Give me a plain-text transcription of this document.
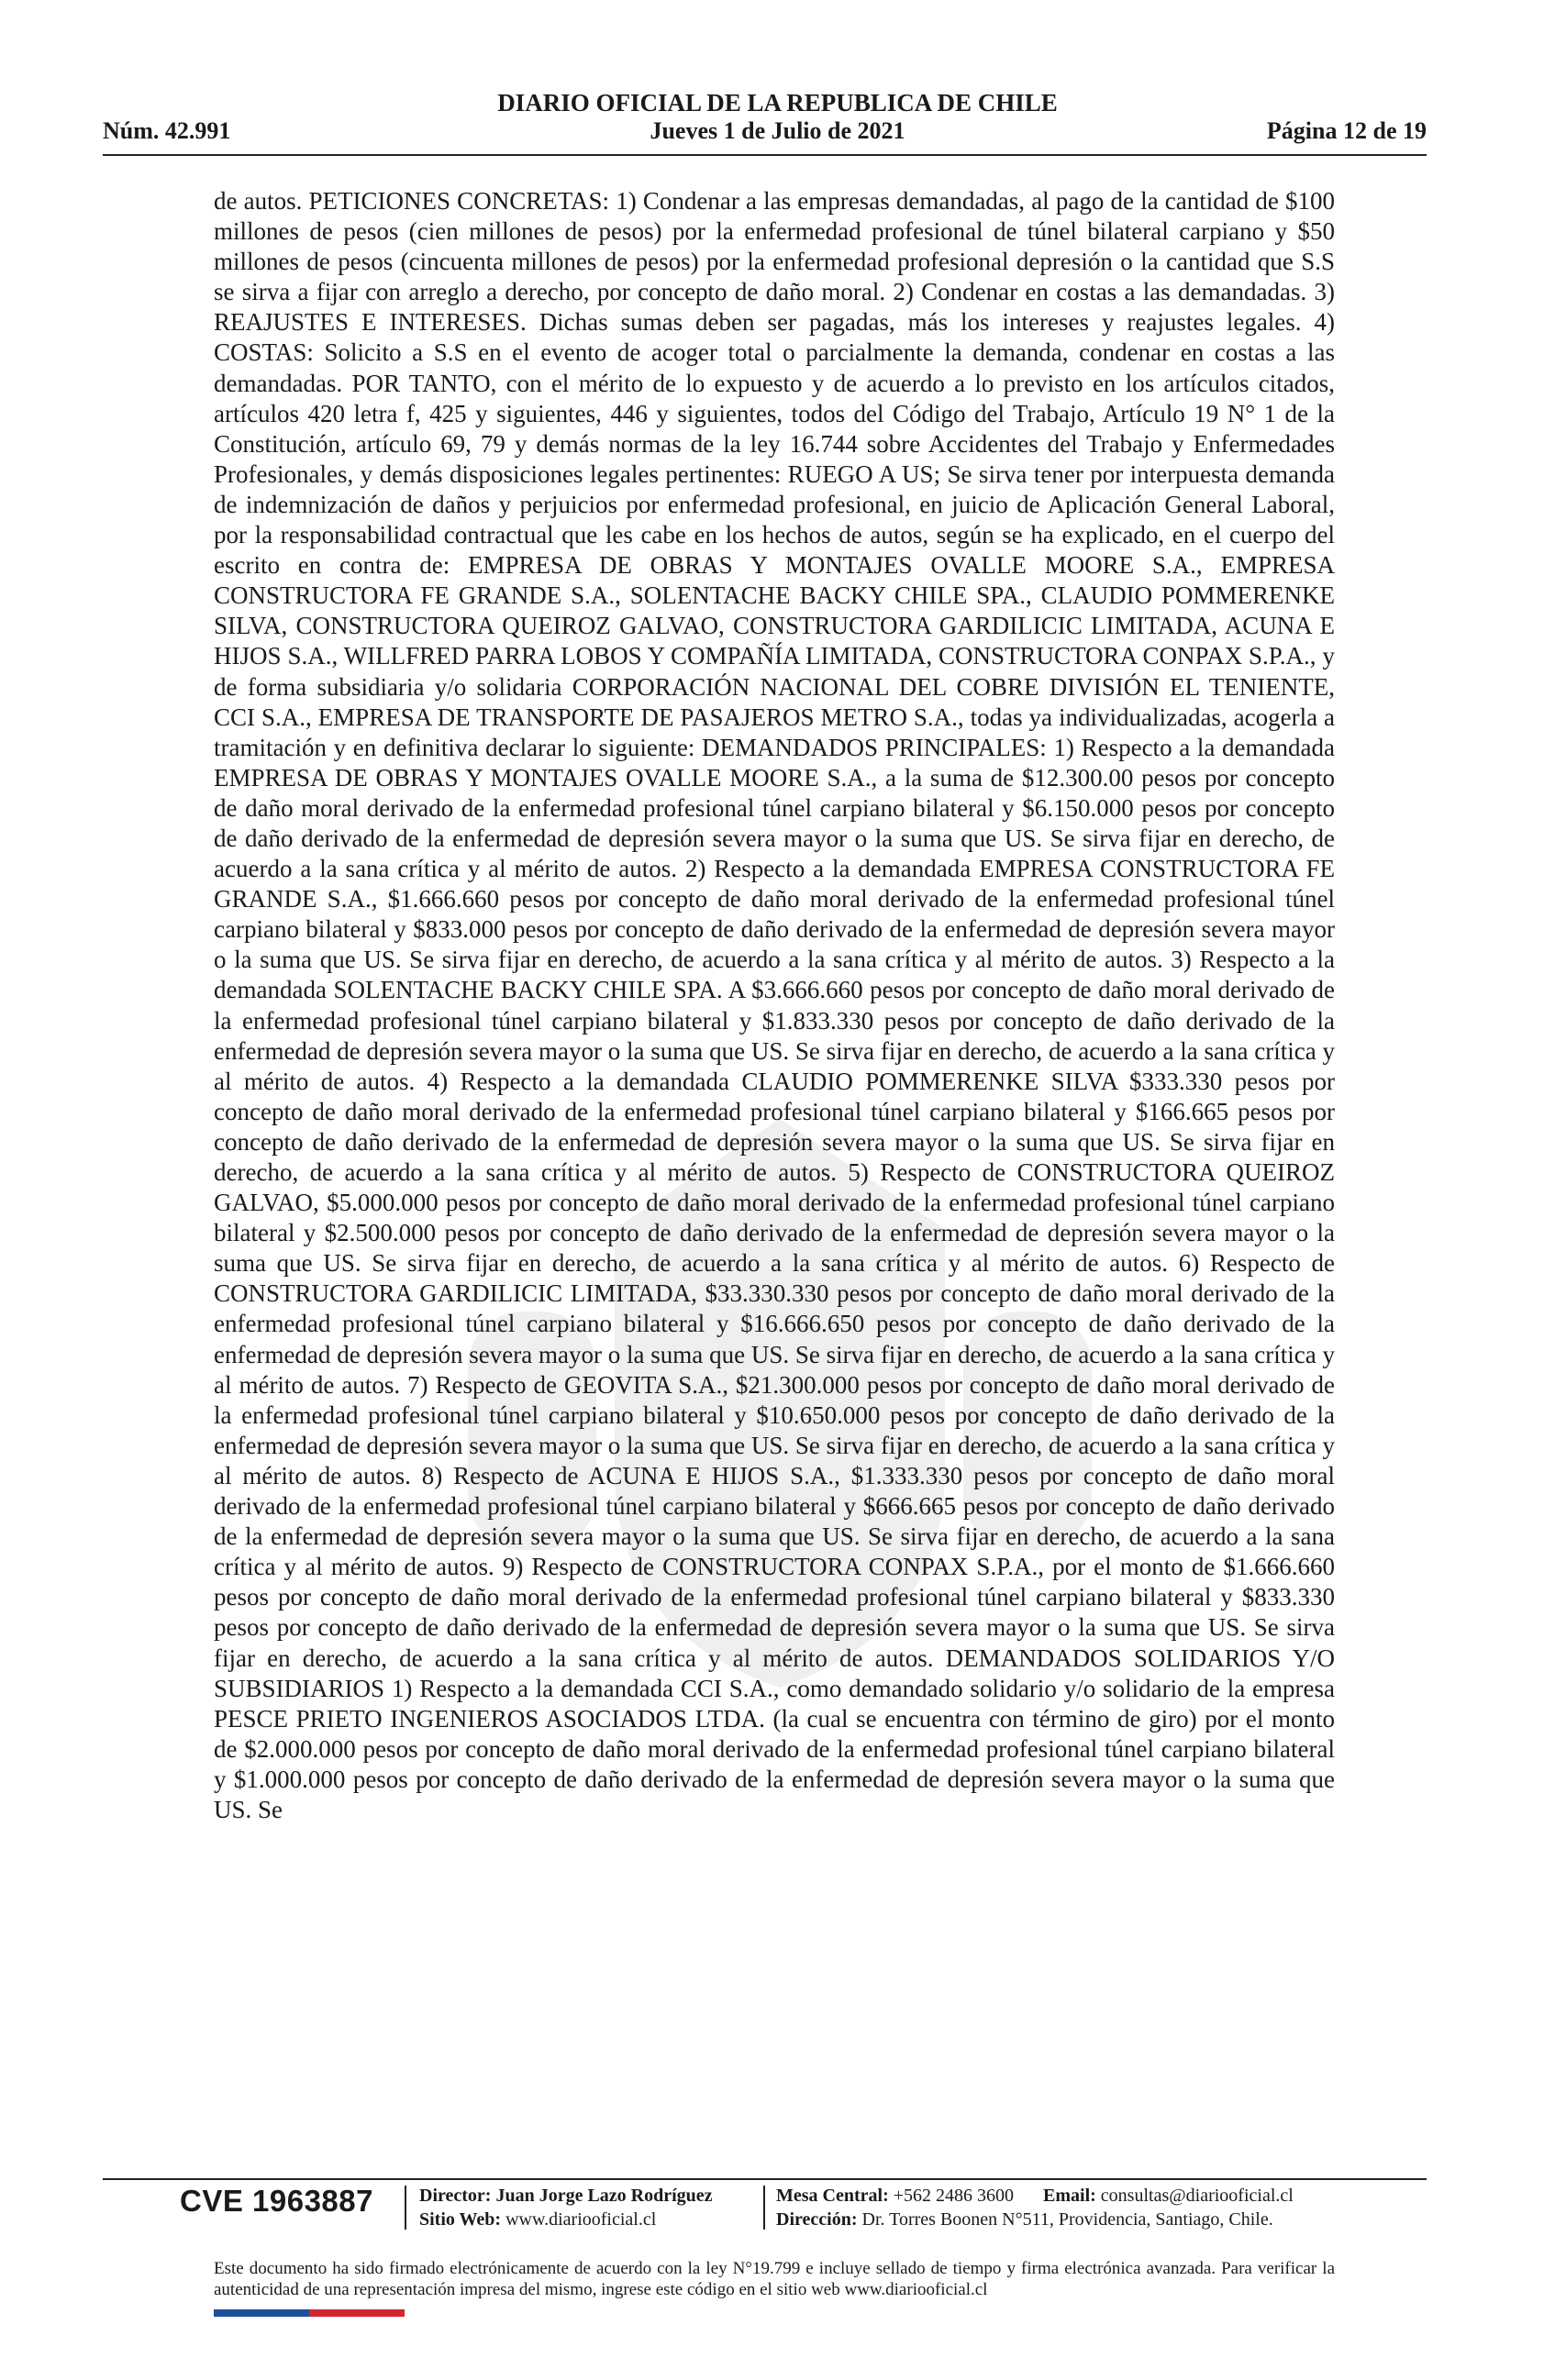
DIARIO OFICIAL DE LA REPUBLICA DE CHILE
Núm. 42.991	Jueves 1 de Julio de 2021	Página 12 de 19
de autos. PETICIONES CONCRETAS: 1) Condenar a las empresas demandadas, al pago de la cantidad de $100 millones de pesos (cien millones de pesos) por la enfermedad profesional de túnel bilateral carpiano y $50 millones de pesos (cincuenta millones de pesos) por la enfermedad profesional depresión o la cantidad que S.S se sirva a fijar con arreglo a derecho, por concepto de daño moral. 2) Condenar en costas a las demandadas. 3) REAJUSTES E INTERESES. Dichas sumas deben ser pagadas, más los intereses y reajustes legales. 4) COSTAS: Solicito a S.S en el evento de acoger total o parcialmente la demanda, condenar en costas a las demandadas. POR TANTO, con el mérito de lo expuesto y de acuerdo a lo previsto en los artículos citados, artículos 420 letra f, 425 y siguientes, 446 y siguientes, todos del Código del Trabajo, Artículo 19 N° 1 de la Constitución, artículo 69, 79 y demás normas de la ley 16.744 sobre Accidentes del Trabajo y Enfermedades Profesionales, y demás disposiciones legales pertinentes: RUEGO A US; Se sirva tener por interpuesta demanda de indemnización de daños y perjuicios por enfermedad profesional, en juicio de Aplicación General Laboral, por la responsabilidad contractual que les cabe en los hechos de autos, según se ha explicado, en el cuerpo del escrito en contra de: EMPRESA DE OBRAS Y MONTAJES OVALLE MOORE S.A., EMPRESA CONSTRUCTORA FE GRANDE S.A., SOLENTACHE BACKY CHILE SPA., CLAUDIO POMMERENKE SILVA, CONSTRUCTORA QUEIROZ GALVAO, CONSTRUCTORA GARDILICIC LIMITADA, ACUNA E HIJOS S.A., WILLFRED PARRA LOBOS Y COMPAÑÍA LIMITADA, CONSTRUCTORA CONPAX S.P.A., y de forma subsidiaria y/o solidaria CORPORACIÓN NACIONAL DEL COBRE DIVISIÓN EL TENIENTE, CCI S.A., EMPRESA DE TRANSPORTE DE PASAJEROS METRO S.A., todas ya individualizadas, acogerla a tramitación y en definitiva declarar lo siguiente: DEMANDADOS PRINCIPALES: 1) Respecto a la demandada EMPRESA DE OBRAS Y MONTAJES OVALLE MOORE S.A., a la suma de $12.300.00 pesos por concepto de daño moral derivado de la enfermedad profesional túnel carpiano bilateral y $6.150.000 pesos por concepto de daño derivado de la enfermedad de depresión severa mayor o la suma que US. Se sirva fijar en derecho, de acuerdo a la sana crítica y al mérito de autos. 2) Respecto a la demandada EMPRESA CONSTRUCTORA FE GRANDE S.A., $1.666.660 pesos por concepto de daño moral derivado de la enfermedad profesional túnel carpiano bilateral y $833.000 pesos por concepto de daño derivado de la enfermedad de depresión severa mayor o la suma que US. Se sirva fijar en derecho, de acuerdo a la sana crítica y al mérito de autos. 3) Respecto a la demandada SOLENTACHE BACKY CHILE SPA. A $3.666.660 pesos por concepto de daño moral derivado de la enfermedad profesional túnel carpiano bilateral y $1.833.330 pesos por concepto de daño derivado de la enfermedad de depresión severa mayor o la suma que US. Se sirva fijar en derecho, de acuerdo a la sana crítica y al mérito de autos. 4) Respecto a la demandada CLAUDIO POMMERENKE SILVA $333.330 pesos por concepto de daño moral derivado de la enfermedad profesional túnel carpiano bilateral y $166.665 pesos por concepto de daño derivado de la enfermedad de depresión severa mayor o la suma que US. Se sirva fijar en derecho, de acuerdo a la sana crítica y al mérito de autos. 5) Respecto de CONSTRUCTORA QUEIROZ GALVAO, $5.000.000 pesos por concepto de daño moral derivado de la enfermedad profesional túnel carpiano bilateral y $2.500.000 pesos por concepto de daño derivado de la enfermedad de depresión severa mayor o la suma que US. Se sirva fijar en derecho, de acuerdo a la sana crítica y al mérito de autos. 6) Respecto de CONSTRUCTORA GARDILICIC LIMITADA, $33.330.330 pesos por concepto de daño moral derivado de la enfermedad profesional túnel carpiano bilateral y $16.666.650 pesos por concepto de daño derivado de la enfermedad de depresión severa mayor o la suma que US. Se sirva fijar en derecho, de acuerdo a la sana crítica y al mérito de autos. 7) Respecto de GEOVITA S.A., $21.300.000 pesos por concepto de daño moral derivado de la enfermedad profesional túnel carpiano bilateral y $10.650.000 pesos por concepto de daño derivado de la enfermedad de depresión severa mayor o la suma que US. Se sirva fijar en derecho, de acuerdo a la sana crítica y al mérito de autos. 8) Respecto de ACUNA E HIJOS S.A., $1.333.330 pesos por concepto de daño moral derivado de la enfermedad profesional túnel carpiano bilateral y $666.665 pesos por concepto de daño derivado de la enfermedad de depresión severa mayor o la suma que US. Se sirva fijar en derecho, de acuerdo a la sana crítica y al mérito de autos. 9) Respecto de CONSTRUCTORA CONPAX S.P.A., por el monto de $1.666.660 pesos por concepto de daño moral derivado de la enfermedad profesional túnel carpiano bilateral y $833.330 pesos por concepto de daño derivado de la enfermedad de depresión severa mayor o la suma que US. Se sirva fijar en derecho, de acuerdo a la sana crítica y al mérito de autos. DEMANDADOS SOLIDARIOS Y/O SUBSIDIARIOS 1) Respecto a la demandada CCI S.A., como demandado solidario y/o solidario de la empresa PESCE PRIETO INGENIEROS ASOCIADOS LTDA. (la cual se encuentra con término de giro) por el monto de $2.000.000 pesos por concepto de daño moral derivado de la enfermedad profesional túnel carpiano bilateral y $1.000.000 pesos por concepto de daño derivado de la enfermedad de depresión severa mayor o la suma que US. Se
CVE 1963887	Director: Juan Jorge Lazo Rodríguez
Sitio Web: www.diariooficial.cl
Mesa Central: +562 2486 3600 Email: consultas@diariooficial.cl
Dirección: Dr. Torres Boonen N°511, Providencia, Santiago, Chile.
Este documento ha sido firmado electrónicamente de acuerdo con la ley N°19.799 e incluye sellado de tiempo y firma electrónica avanzada. Para verificar la autenticidad de una representación impresa del mismo, ingrese este código en el sitio web www.diariooficial.cl
